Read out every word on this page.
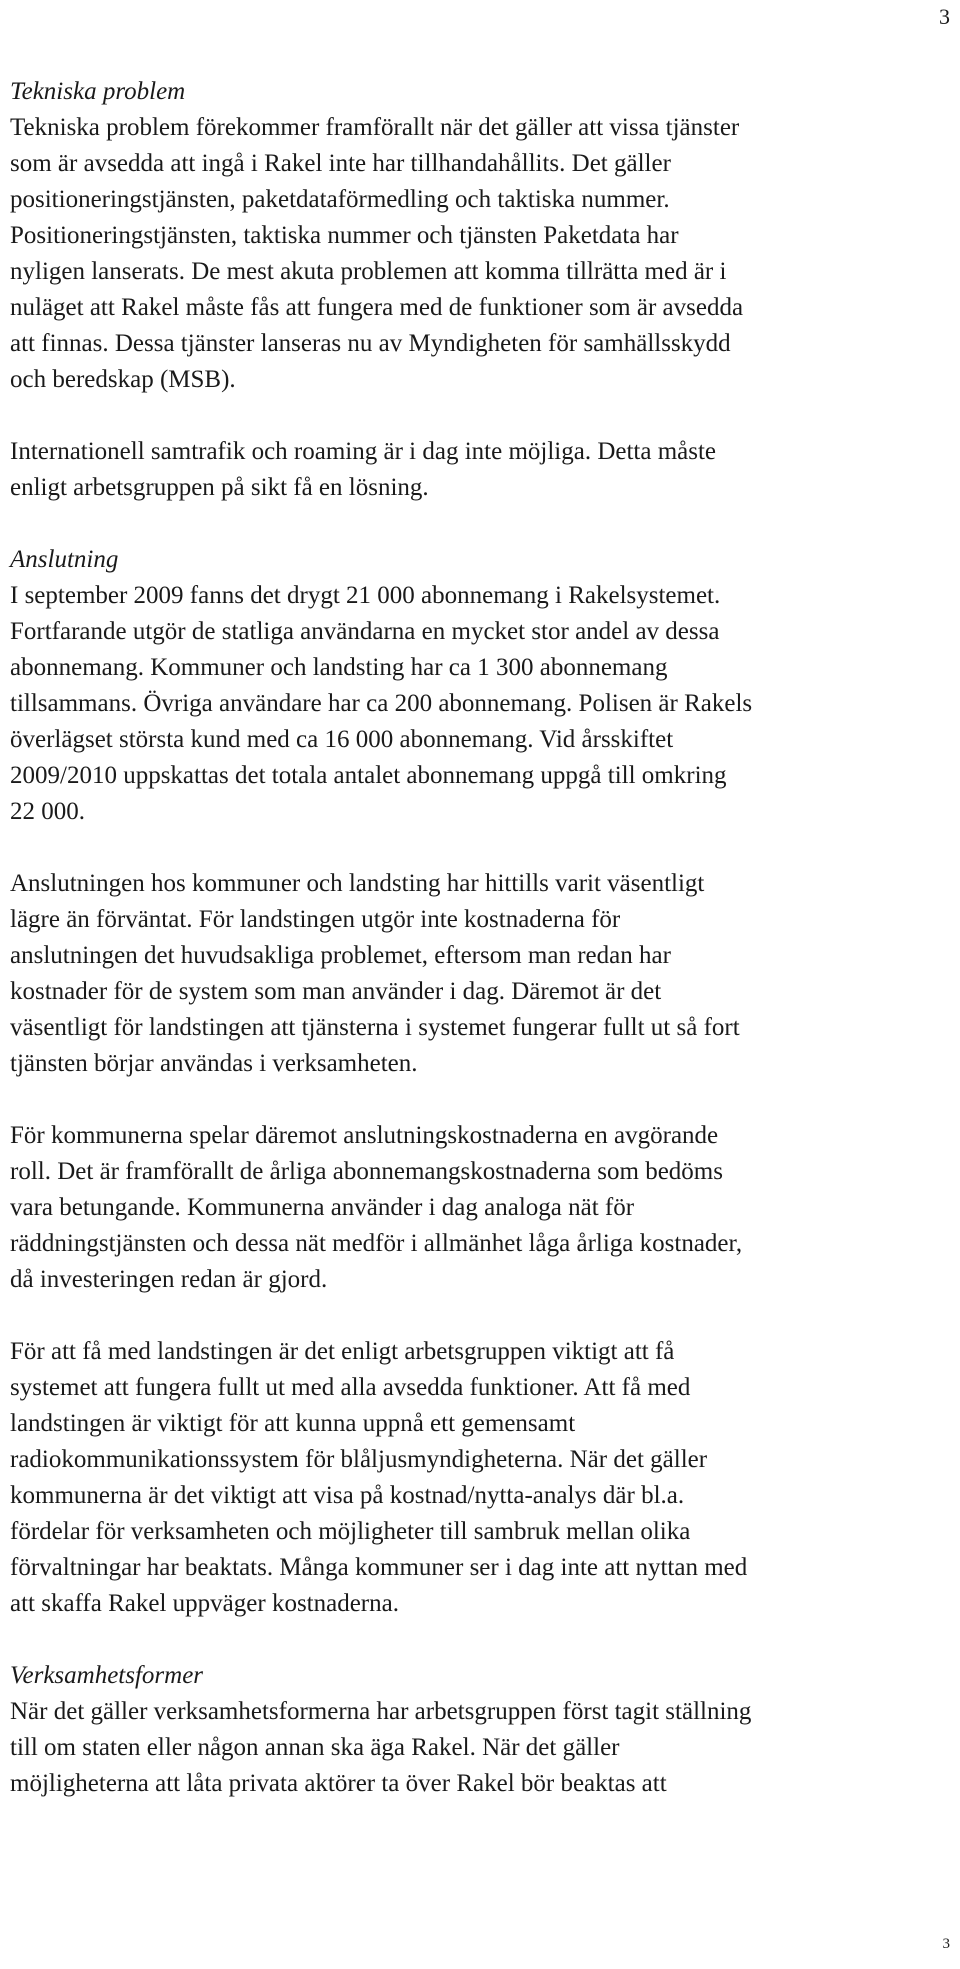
3
Tekniska problem
Tekniska problem förekommer framförallt när det gäller att vissa tjänster
som är avsedda att ingå i Rakel inte har tillhandahållits. Det gäller
positioneringstjänsten, paketdataförmedling och taktiska nummer.
Positioneringstjänsten, taktiska nummer och tjänsten Paketdata har
nyligen lanserats. De mest akuta problemen att komma tillrätta med är i
nuläget att Rakel måste fås att fungera med de funktioner som är avsedda
att finnas. Dessa tjänster lanseras nu av Myndigheten för samhällsskydd
och beredskap (MSB).
Internationell samtrafik och roaming är i dag inte möjliga. Detta måste
enligt arbetsgruppen på sikt få en lösning.
Anslutning
I september 2009 fanns det drygt 21 000 abonnemang i Rakelsystemet.
Fortfarande utgör de statliga användarna en mycket stor andel av dessa
abonnemang. Kommuner och landsting har ca 1 300 abonnemang
tillsammans. Övriga användare har ca 200 abonnemang. Polisen är Rakels
överlägset största kund med ca 16 000 abonnemang. Vid årsskiftet
2009/2010 uppskattas det totala antalet abonnemang uppgå till omkring
22 000.
Anslutningen hos kommuner och landsting har hittills varit väsentligt
lägre än förväntat. För landstingen utgör inte kostnaderna för
anslutningen det huvudsakliga problemet, eftersom man redan har
kostnader för de system som man använder i dag. Däremot är det
väsentligt för landstingen att tjänsterna i systemet fungerar fullt ut så fort
tjänsten börjar användas i verksamheten.
För kommunerna spelar däremot anslutningskostnaderna en avgörande
roll. Det är framförallt de årliga abonnemangskostnaderna som bedöms
vara betungande. Kommunerna använder i dag analoga nät för
räddningstjänsten och dessa nät medför i allmänhet låga årliga kostnader,
då investeringen redan är gjord.
För att få med landstingen är det enligt arbetsgruppen viktigt att få
systemet att fungera fullt ut med alla avsedda funktioner. Att få med
landstingen är viktigt för att kunna uppnå ett gemensamt
radiokommunikationssystem för blåljusmyndigheterna. När det gäller
kommunerna är det viktigt att visa på kostnad/nytta-analys där bl.a.
fördelar för verksamheten och möjligheter till sambruk mellan olika
förvaltningar har beaktats. Många kommuner ser i dag inte att nyttan med
att skaffa Rakel uppväger kostnaderna.
Verksamhetsformer
När det gäller verksamhetsformerna har arbetsgruppen först tagit ställning
till om staten eller någon annan ska äga Rakel. När det gäller
möjligheterna att låta privata aktörer ta över Rakel bör beaktas att
3
